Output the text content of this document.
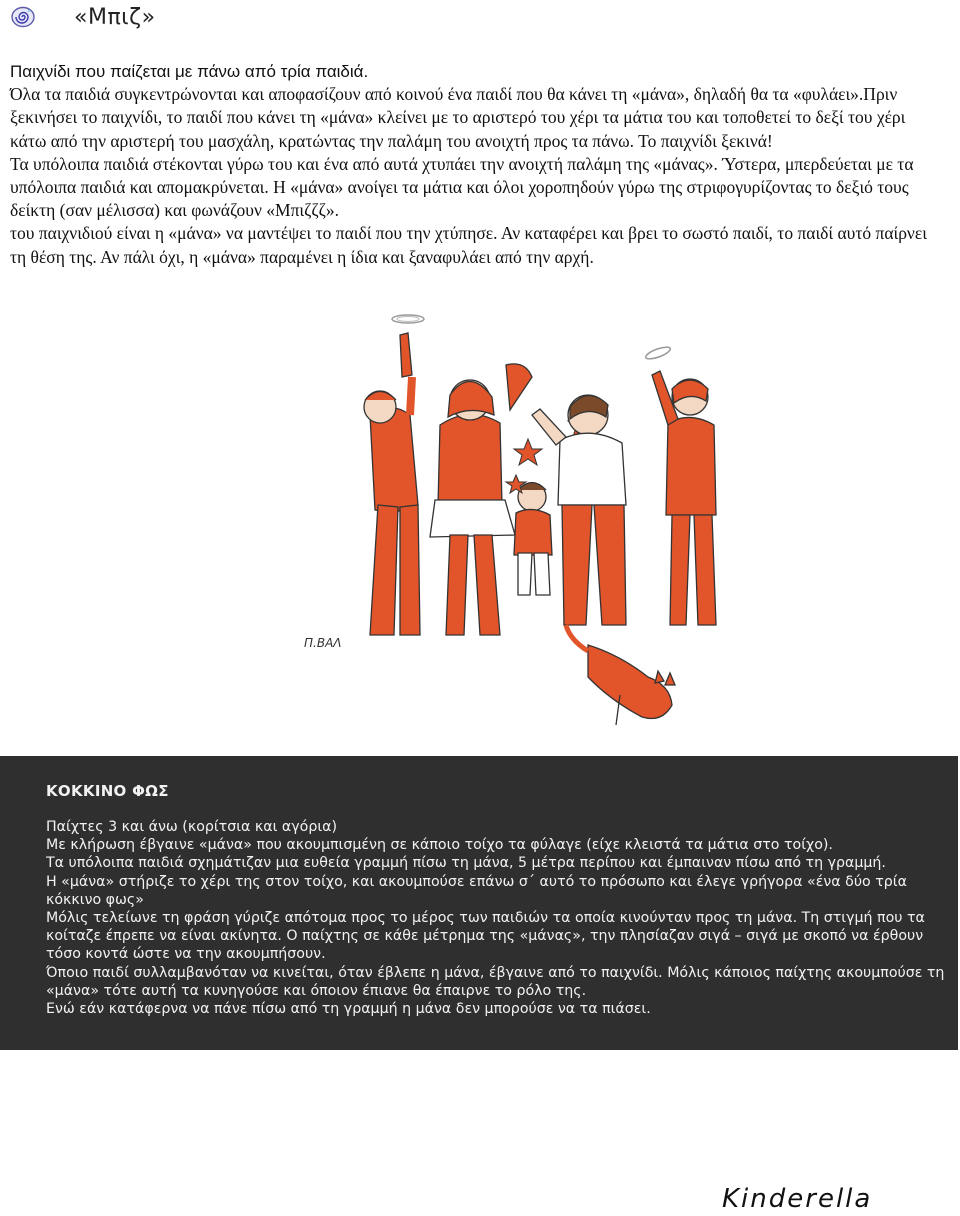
«Μπιζ»

Παιχνίδι που παίζεται με πάνω από τρία παιδιά.

Όλα τα παιδιά συγκεντρώνονται και αποφασίζουν από κοινού ένα παιδί που θα κάνει τη «μάνα», δηλαδή θα τα «φυλάει».Πριν ξεκινήσει το παιχνίδι, το παιδί που κάνει τη «μάνα» κλείνει με το αριστερό του χέρι τα μάτια του και τοποθετεί το δεξί του χέρι κάτω από την αριστερή του μασχάλη, κρατώντας την παλάμη του ανοιχτή προς τα πάνω. Το παιχνίδι ξεκινά!

Τα υπόλοιπα παιδιά στέκονται γύρω του και ένα από αυτά χτυπάει την ανοιχτή παλάμη της «μάνας». Ύστερα, μπερδεύεται με τα υπόλοιπα παιδιά και απομακρύνεται. Η «μάνα» ανοίγει τα μάτια και όλοι χοροπηδούν γύρω της στριφογυρίζοντας το δεξιό τους δείκτη (σαν μέλισσα) και φωνάζουν «Μπιζζζ».

του παιχνιδιού είναι η «μάνα» να μαντέψει το παιδί που την χτύπησε. Αν καταφέρει και βρει το σωστό παιδί, το παιδί αυτό παίρνει τη θέση της. Αν πάλι όχι, η «μάνα» παραμένει η ίδια και ξαναφυλάει από την αρχή.

Π.ΒΑΛ
ΚΟΚΚΙΝΟ ΦΩΣ

Παίχτες 3 και άνω (κορίτσια και αγόρια)

Με κλήρωση έβγαινε «μάνα» που ακουμπισμένη σε κάποιο τοίχο τα φύλαγε (είχε κλειστά τα μάτια στο τοίχο).

Τα υπόλοιπα παιδιά σχημάτιζαν μια ευθεία γραμμή πίσω τη μάνα, 5 μέτρα περίπου και έμπαιναν πίσω από τη γραμμή.

Η «μάνα» στήριζε το χέρι της στον τοίχο, και ακουμπούσε επάνω σ΄ αυτό το πρόσωπο και έλεγε γρήγορα «ένα δύο τρία κόκκινο φως»

Μόλις τελείωνε τη φράση γύριζε απότομα προς το μέρος των παιδιών τα οποία κινούνταν προς τη μάνα. Τη στιγμή που τα κοίταζε έπρεπε να είναι ακίνητα. Ο παίχτης σε κάθε μέτρημα της «μάνας», την πλησίαζαν σιγά – σιγά με σκοπό να έρθουν τόσο κοντά ώστε να την ακουμπήσουν.

Όποιο παιδί συλλαμβανόταν να κινείται, όταν έβλεπε η μάνα, έβγαινε από το παιχνίδι. Μόλις κάποιος παίχτης ακουμπούσε τη «μάνα» τότε αυτή τα κυνηγούσε και όποιον έπιανε θα έπαιρνε το ρόλο της.

Ενώ εάν κατάφερνα να πάνε πίσω από τη γραμμή η μάνα δεν μπορούσε να τα πιάσει.

Kinderella
